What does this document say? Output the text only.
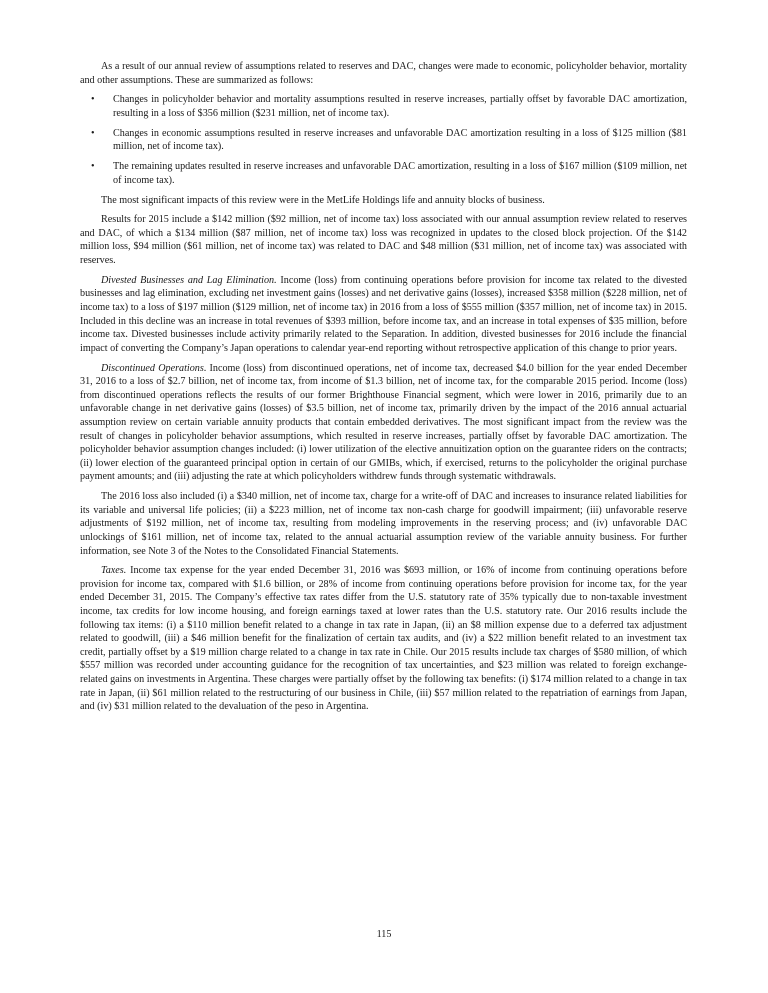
As a result of our annual review of assumptions related to reserves and DAC, changes were made to economic, policyholder behavior, mortality and other assumptions. These are summarized as follows:

• Changes in policyholder behavior and mortality assumptions resulted in reserve increases, partially offset by favorable DAC amortization, resulting in a loss of $356 million ($231 million, net of income tax).
• Changes in economic assumptions resulted in reserve increases and unfavorable DAC amortization resulting in a loss of $125 million ($81 million, net of income tax).
• The remaining updates resulted in reserve increases and unfavorable DAC amortization, resulting in a loss of $167 million ($109 million, net of income tax).

The most significant impacts of this review were in the MetLife Holdings life and annuity blocks of business.

Results for 2015 include a $142 million ($92 million, net of income tax) loss associated with our annual assumption review related to reserves and DAC, of which a $134 million ($87 million, net of income tax) loss was recognized in updates to the closed block projection. Of the $142 million loss, $94 million ($61 million, net of income tax) was related to DAC and $48 million ($31 million, net of income tax) was associated with reserves.

Divested Businesses and Lag Elimination. Income (loss) from continuing operations before provision for income tax related to the divested businesses and lag elimination, excluding net investment gains (losses) and net derivative gains (losses), increased $358 million ($228 million, net of income tax) to a loss of $197 million ($129 million, net of income tax) in 2016 from a loss of $555 million ($357 million, net of income tax) in 2015. Included in this decline was an increase in total revenues of $393 million, before income tax, and an increase in total expenses of $35 million, before income tax. Divested businesses include activity primarily related to the Separation. In addition, divested businesses for 2016 include the financial impact of converting the Company’s Japan operations to calendar year-end reporting without retrospective application of this change to prior years.

Discontinued Operations. Income (loss) from discontinued operations, net of income tax, decreased $4.0 billion for the year ended December 31, 2016 to a loss of $2.7 billion, net of income tax, from income of $1.3 billion, net of income tax, for the comparable 2015 period. Income (loss) from discontinued operations reflects the results of our former Brighthouse Financial segment, which were lower in 2016, primarily due to an unfavorable change in net derivative gains (losses) of $3.5 billion, net of income tax, primarily driven by the impact of the 2016 annual actuarial assumption review on certain variable annuity products that contain embedded derivatives. The most significant impact from the review was the result of changes in policyholder behavior assumptions, which resulted in reserve increases, partially offset by favorable DAC amortization. The policyholder behavior assumption changes included: (i) lower utilization of the elective annuitization option on the guarantee riders on the contracts; (ii) lower election of the guaranteed principal option in certain of our GMIBs, which, if exercised, returns to the policyholder the original purchase payment amounts; and (iii) adjusting the rate at which policyholders withdrew funds through systematic withdrawals.

The 2016 loss also included (i) a $340 million, net of income tax, charge for a write-off of DAC and increases to insurance related liabilities for its variable and universal life policies; (ii) a $223 million, net of income tax non-cash charge for goodwill impairment; (iii) unfavorable reserve adjustments of $192 million, net of income tax, resulting from modeling improvements in the reserving process; and (iv) unfavorable DAC unlockings of $161 million, net of income tax, related to the annual actuarial assumption review of the variable annuity business. For further information, see Note 3 of the Notes to the Consolidated Financial Statements.

Taxes. Income tax expense for the year ended December 31, 2016 was $693 million, or 16% of income from continuing operations before provision for income tax, compared with $1.6 billion, or 28% of income from continuing operations before provision for income tax, for the year ended December 31, 2015. The Company’s effective tax rates differ from the U.S. statutory rate of 35% typically due to non-taxable investment income, tax credits for low income housing, and foreign earnings taxed at lower rates than the U.S. statutory rate. Our 2016 results include the following tax items: (i) a $110 million benefit related to a change in tax rate in Japan, (ii) an $8 million expense due to a deferred tax adjustment related to goodwill, (iii) a $46 million benefit for the finalization of certain tax audits, and (iv) a $22 million benefit related to an investment tax credit, partially offset by a $19 million charge related to a change in tax rate in Chile. Our 2015 results include tax charges of $580 million, of which $557 million was recorded under accounting guidance for the recognition of tax uncertainties, and $23 million was related to foreign exchange-related gains on investments in Argentina. These charges were partially offset by the following tax benefits: (i) $174 million related to a change in tax rate in Japan, (ii) $61 million related to the restructuring of our business in Chile, (iii) $57 million related to the repatriation of earnings from Japan, and (iv) $31 million related to the devaluation of the peso in Argentina.

115
